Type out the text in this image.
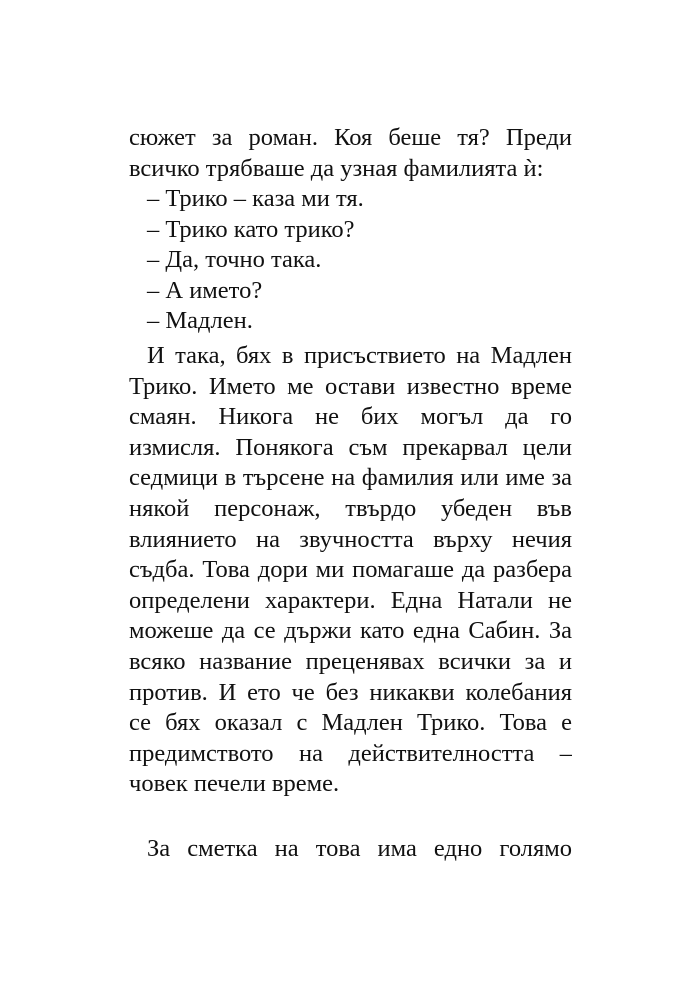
сюжет за роман. Коя беше тя? Преди
всичко трябваше да узная фамилията ѝ:
– Трико – каза ми тя.
– Трико като трико?
– Да, точно така.
– А името?
– Мадлен.
И така, бях в присъствието на Мадлен
Трико. Името ме остави известно време
смаян. Никога не бих могъл да го
измисля. Понякога съм прекарвал цели
седмици в търсене на фамилия или име за
някой персонаж, твърдо убеден във
влиянието на звучността върху нечия
съдба. Това дори ми помагаше да разбера
определени характери. Една Натали не
можеше да се държи като една Сабин. За
всяко название преценявах всички за и
против. И ето че без никакви колебания
се бях оказал с Мадлен Трико. Това е
предимството на действителността –
човек печели време.
За сметка на това има едно голямо
